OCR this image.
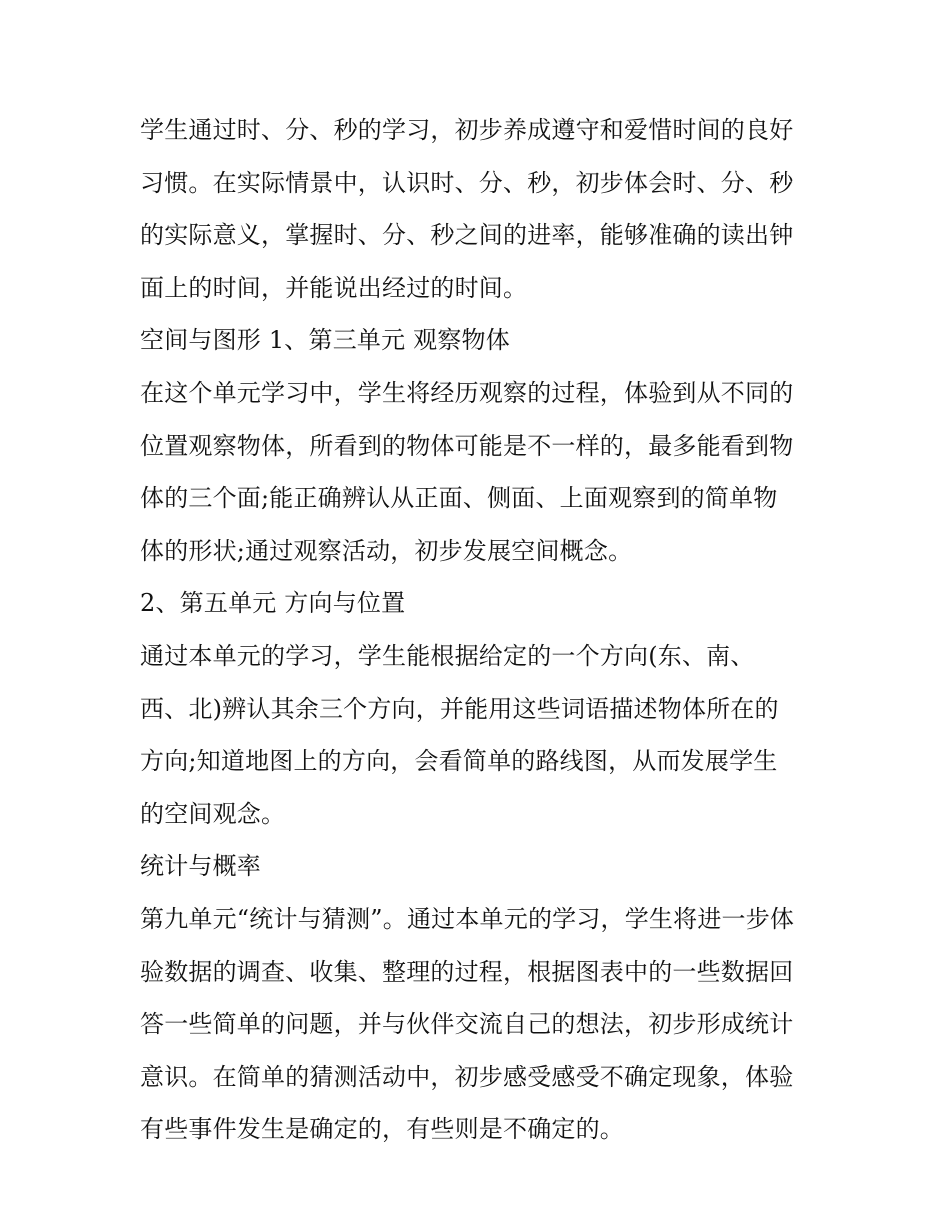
学生通过时、分、秒的学习，初步养成遵守和爱惜时间的良好
习惯。在实际情景中，认识时、分、秒，初步体会时、分、秒
的实际意义，掌握时、分、秒之间的进率，能够准确的读出钟
面上的时间，并能说出经过的时间。
空间与图形 1、第三单元 观察物体
在这个单元学习中，学生将经历观察的过程，体验到从不同的
位置观察物体，所看到的物体可能是不一样的，最多能看到物
体的三个面;能正确辨认从正面、侧面、上面观察到的简单物
体的形状;通过观察活动，初步发展空间概念。
2、第五单元 方向与位置
通过本单元的学习，学生能根据给定的一个方向(东、南、
西、北)辨认其余三个方向，并能用这些词语描述物体所在的
方向;知道地图上的方向，会看简单的路线图，从而发展学生
的空间观念。
统计与概率
第九单元“统计与猜测”。通过本单元的学习，学生将进一步体
验数据的调查、收集、整理的过程，根据图表中的一些数据回
答一些简单的问题，并与伙伴交流自己的想法，初步形成统计
意识。在简单的猜测活动中，初步感受感受不确定现象，体验
有些事件发生是确定的，有些则是不确定的。
